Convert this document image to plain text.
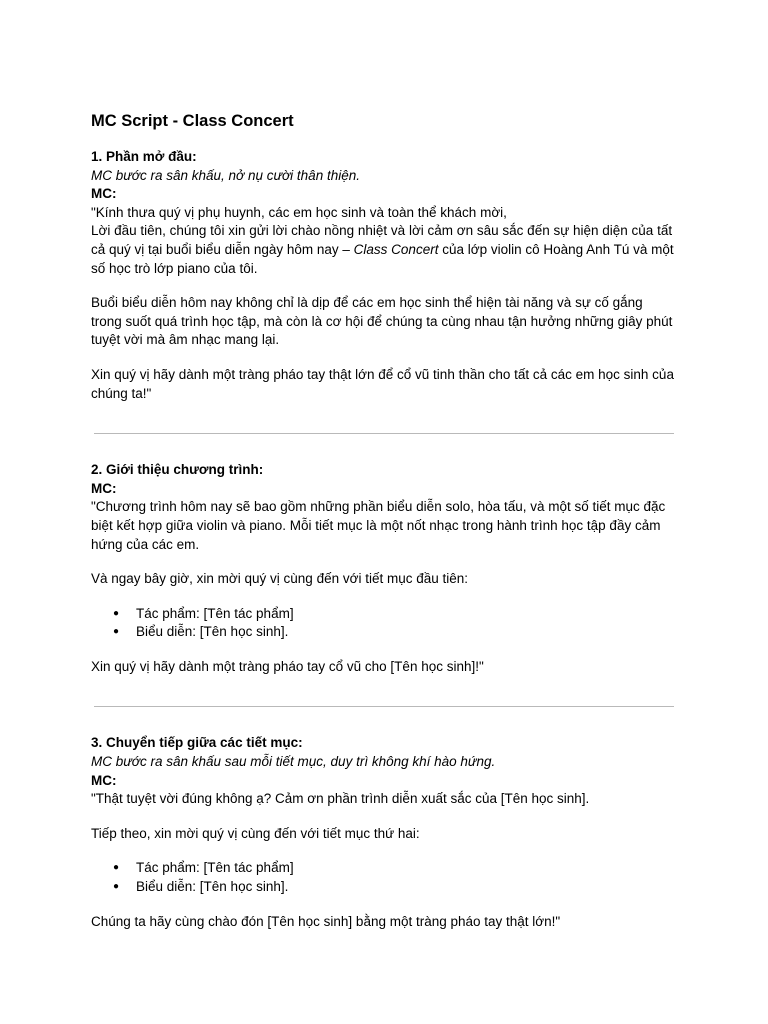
MC Script - Class Concert

1. Phần mở đầu:

MC bước ra sân khấu, nở nụ cười thân thiện.

MC:

"Kính thưa quý vị phụ huynh, các em học sinh và toàn thể khách mời,

Lời đầu tiên, chúng tôi xin gửi lời chào nồng nhiệt và lời cảm ơn sâu sắc đến sự hiện diện của tất cả quý vị tại buổi biểu diễn ngày hôm nay – Class Concert của lớp violin cô Hoàng Anh Tú và một số học trò lớp piano của tôi.

Buổi biểu diễn hôm nay không chỉ là dịp để các em học sinh thể hiện tài năng và sự cố gắng trong suốt quá trình học tập, mà còn là cơ hội để chúng ta cùng nhau tận hưởng những giây phút tuyệt vời mà âm nhạc mang lại.

Xin quý vị hãy dành một tràng pháo tay thật lớn để cổ vũ tinh thần cho tất cả các em học sinh của chúng ta!"

2. Giới thiệu chương trình:

MC:

"Chương trình hôm nay sẽ bao gồm những phần biểu diễn solo, hòa tấu, và một số tiết mục đặc biệt kết hợp giữa violin và piano. Mỗi tiết mục là một nốt nhạc trong hành trình học tập đầy cảm hứng của các em.

Và ngay bây giờ, xin mời quý vị cùng đến với tiết mục đầu tiên:

● Tác phẩm: [Tên tác phẩm]
● Biểu diễn: [Tên học sinh].

Xin quý vị hãy dành một tràng pháo tay cổ vũ cho [Tên học sinh]!"

3. Chuyển tiếp giữa các tiết mục:

MC bước ra sân khấu sau mỗi tiết mục, duy trì không khí hào hứng.

MC:

"Thật tuyệt vời đúng không ạ? Cảm ơn phần trình diễn xuất sắc của [Tên học sinh].

Tiếp theo, xin mời quý vị cùng đến với tiết mục thứ hai:

● Tác phẩm: [Tên tác phẩm]
● Biểu diễn: [Tên học sinh].

Chúng ta hãy cùng chào đón [Tên học sinh] bằng một tràng pháo tay thật lớn!"
